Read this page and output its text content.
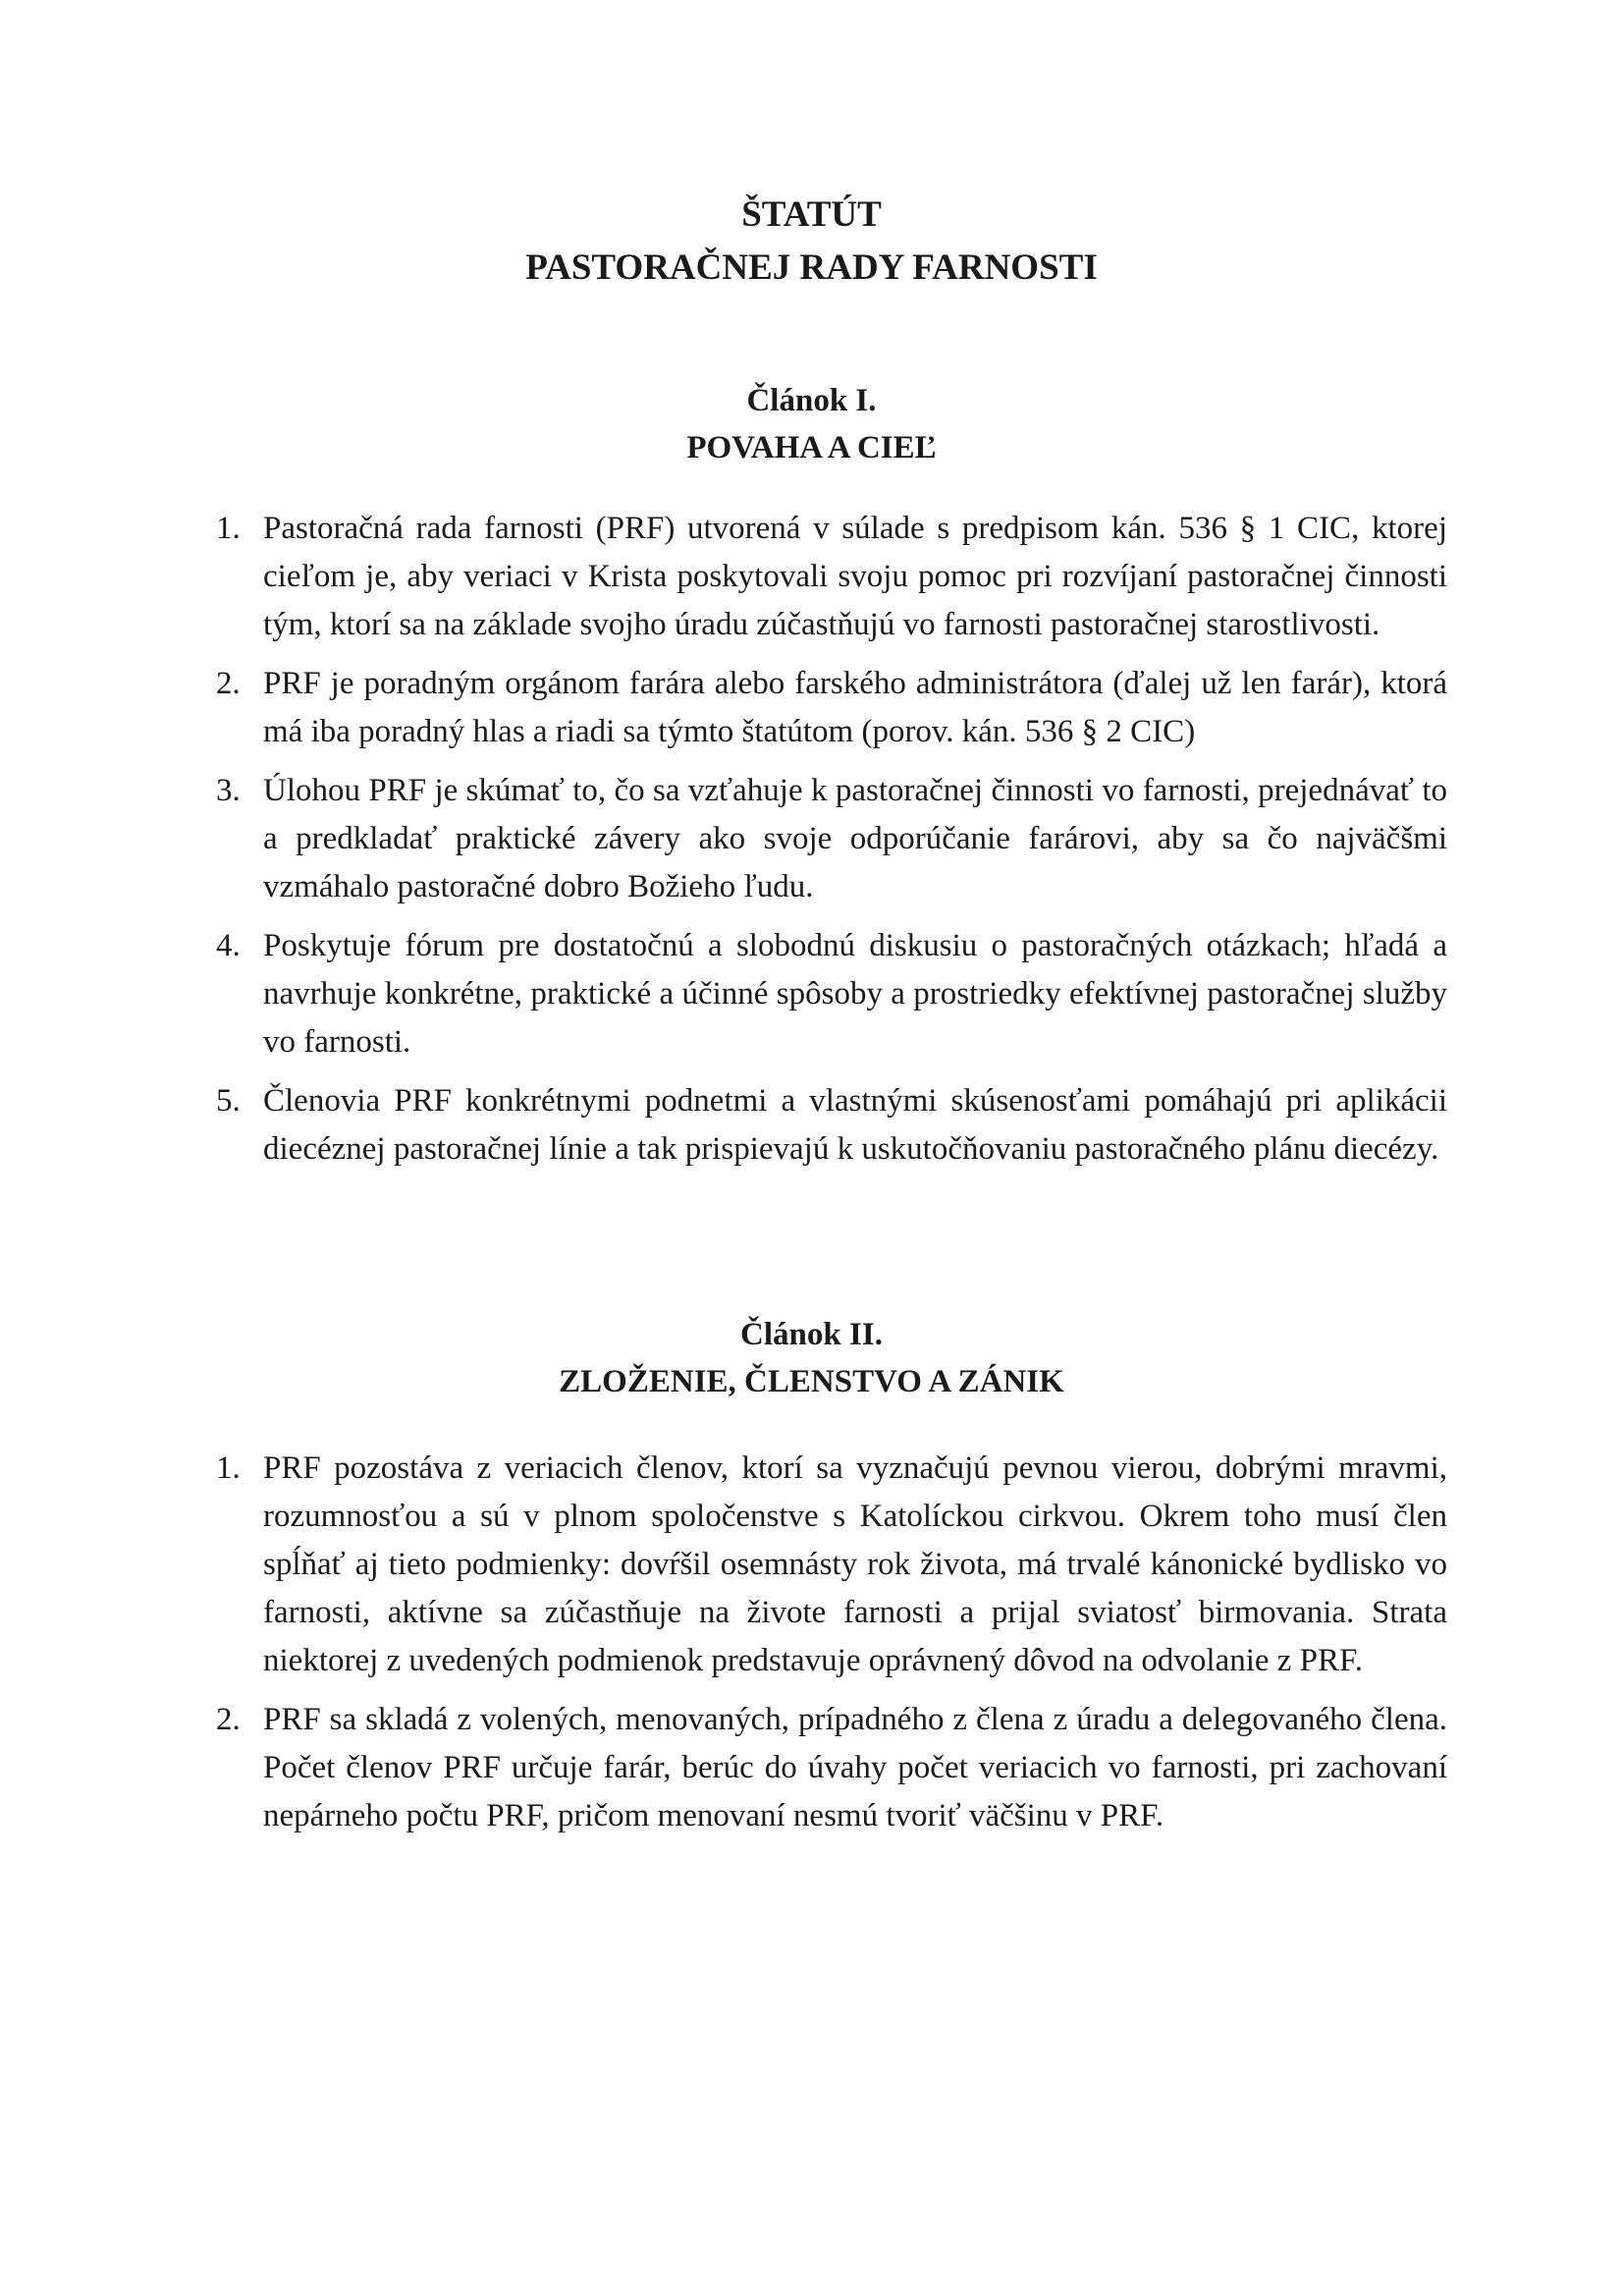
ŠTATÚT
PASTORAČNEJ RADY FARNOSTI
Článok I.
POVAHA A CIEĽ
1. Pastoračná rada farnosti (PRF) utvorená v súlade s predpisom kán. 536 § 1 CIC, ktorej cieľom je, aby veriaci v Krista poskytovali svoju pomoc pri rozvíjaní pastoračnej činnosti tým, ktorí sa na základe svojho úradu zúčastňujú vo farnosti pastoračnej starostlivosti.
2. PRF je poradným orgánom farára alebo farského administrátora (ďalej už len farár), ktorá má iba poradný hlas a riadi sa týmto štatútom (porov. kán. 536 § 2 CIC)
3. Úlohou PRF je skúmať to, čo sa vzťahuje k pastoračnej činnosti vo farnosti, prejednávať to a predkladať praktické závery ako svoje odporúčanie farárovi, aby sa čo najväčšmi vzmáhalo pastoračné dobro Božieho ľudu.
4. Poskytuje fórum pre dostatočnú a slobodnú diskusiu o pastoračných otázkach; hľadá a navrhuje konkrétne, praktické a účinné spôsoby a prostriedky efektívnej pastoračnej služby vo farnosti.
5. Členovia PRF konkrétnymi podnetmi a vlastnými skúsenosťami pomáhajú pri aplikácii diecéznej pastoračnej línie a tak prispievajú k uskutočňovaniu pastoračného plánu diecézy.
Článok II.
ZLOŽENIE, ČLENSTVO A ZÁNIK
1. PRF pozostáva z veriacich členov, ktorí sa vyznačujú pevnou vierou, dobrými mravmi, rozumnosťou a sú v plnom spoločenstve s Katolíckou cirkvou. Okrem toho musí člen spĺňať aj tieto podmienky: dovŕšil osemnásty rok života, má trvalé kánonické bydlisko vo farnosti, aktívne sa zúčastňuje na živote farnosti a prijal sviatosť birmovania. Strata niektorej z uvedených podmienok predstavuje oprávnený dôvod na odvolanie z PRF.
2. PRF sa skladá z volených, menovaných, prípadného z člena z úradu a delegovaného člena. Počet členov PRF určuje farár, berúc do úvahy počet veriacich vo farnosti, pri zachovaní nepárneho počtu PRF, pričom menovaní nesmú tvoriť väčšinu v PRF.
